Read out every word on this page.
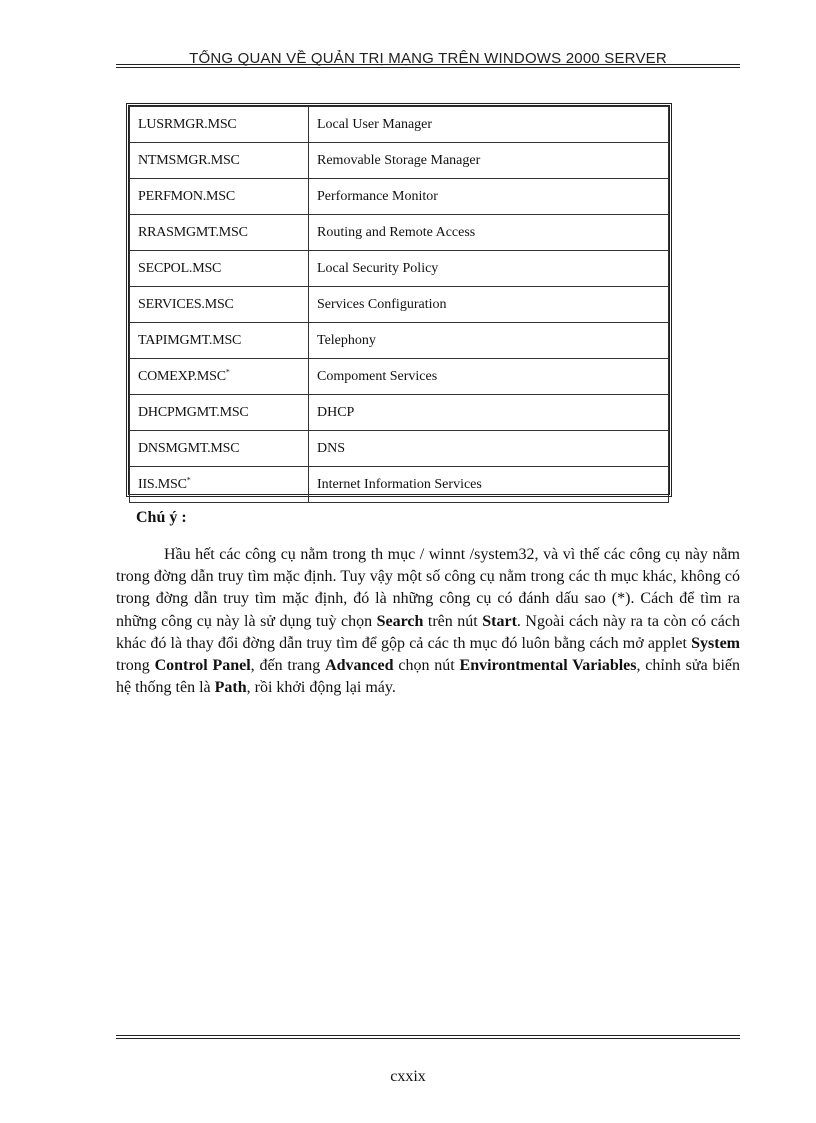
TỔNG QUAN VỀ QUẢN TRỊ MẠNG TRÊN WINDOWS 2000 SERVER
LUSRMGR.MSC	Local User Manager
NTMSMGR.MSC	Removable Storage Manager
PERFMON.MSC	Performance Monitor
RRASMGMT.MSC	Routing and Remote Access
SECPOL.MSC	Local Security Policy
SERVICES.MSC	Services Configuration
TAPIMGMT.MSC	Telephony
COMEXP.MSC*	Compoment Services
DHCPMGMT.MSC	DHCP
DNSMGMT.MSC	DNS
IIS.MSC*	Internet Information Services
Chú ý :

Hầu hết các công cụ nằm trong th mục / winnt /system32, và vì thế các công cụ này nằm trong đờng dẫn truy tìm mặc định. Tuy vậy một số công cụ nằm trong các th mục khác, không có trong đờng dẫn truy tìm mặc định, đó là những công cụ có đánh dấu sao (*). Cách để tìm ra những công cụ này là sử dụng tuỳ chọn Search trên nút Start. Ngoài cách này ra ta còn có cách khác đó là thay đổi đờng dẫn truy tìm để gộp cả các th mục đó luôn bằng cách mở applet System trong Control Panel, đến trang Advanced chọn nút Environtmental Variables, chỉnh sửa biến hệ thống tên là Path, rồi khởi động lại máy.

cxxix
